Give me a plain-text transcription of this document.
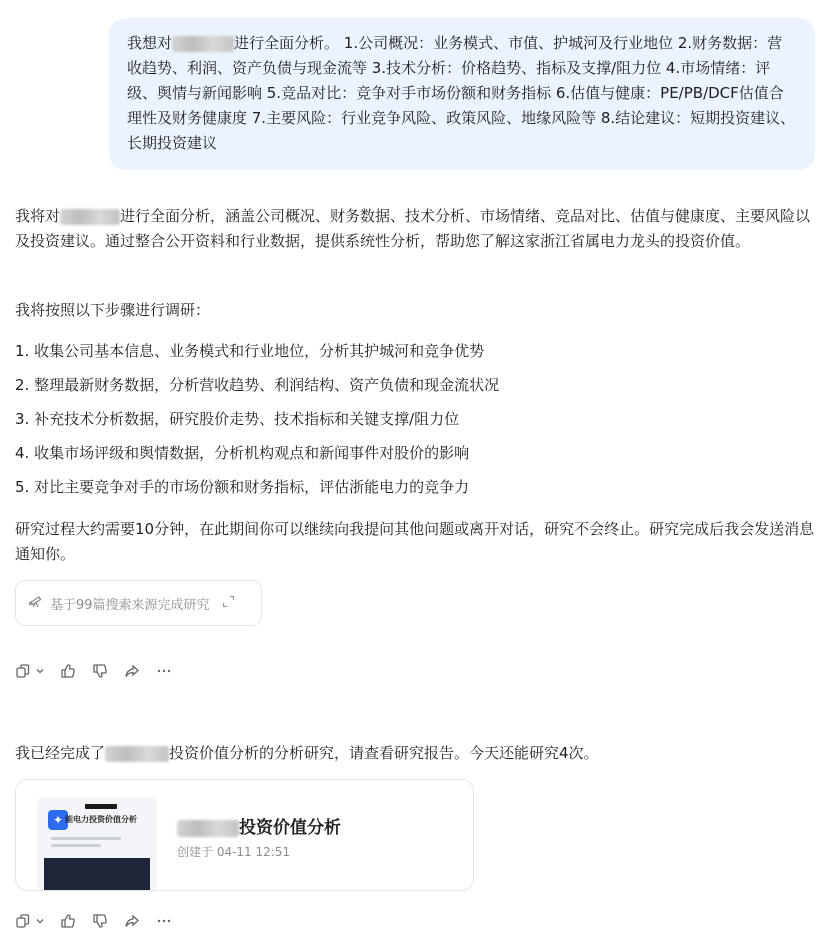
我想对	进行全面分析。 1.公司概况：业务模式、市值、护城河及行业地位 2.财务数据：营收趋势、利润、资产负债与现金流等 3.技术分析：价格趋势、指标及支撑/阻力位 4.市场情绪：评级、舆情与新闻影响 5.竞品对比：竞争对手市场份额和财务指标 6.估值与健康：PE/PB/DCF估值合理性及财务健康度 7.主要风险：行业竞争风险、政策风险、地缘风险等 8.结论建议：短期投资建议、长期投资建议

我将对	进行全面分析，涵盖公司概况、财务数据、技术分析、市场情绪、竞品对比、估值与健康度、主要风险以及投资建议。通过整合公开资料和行业数据，提供系统性分析，帮助您了解这家浙江省属电力龙头的投资价值。

我将按照以下步骤进行调研：

1. 收集公司基本信息、业务模式和行业地位，分析其护城河和竞争优势
2. 整理最新财务数据，分析营收趋势、利润结构、资产负债和现金流状况
3. 补充技术分析数据，研究股价走势、技术指标和关键支撑/阻力位
4. 收集市场评级和舆情数据，分析机构观点和新闻事件对股价的影响
5. 对比主要竞争对手的市场份额和财务指标，评估浙能电力的竞争力

研究过程大约需要10分钟，在此期间你可以继续向我提问其他问题或离开对话，研究不会终止。研究完成后我会发送消息通知你。

基于99篇搜索来源完成研究

我已经完成了	投资价值分析的分析研究，请查看研究报告。今天还能研究4次。

✦ 能电力投资价值分析	投资价值分析
创建于 04-11 12:51
